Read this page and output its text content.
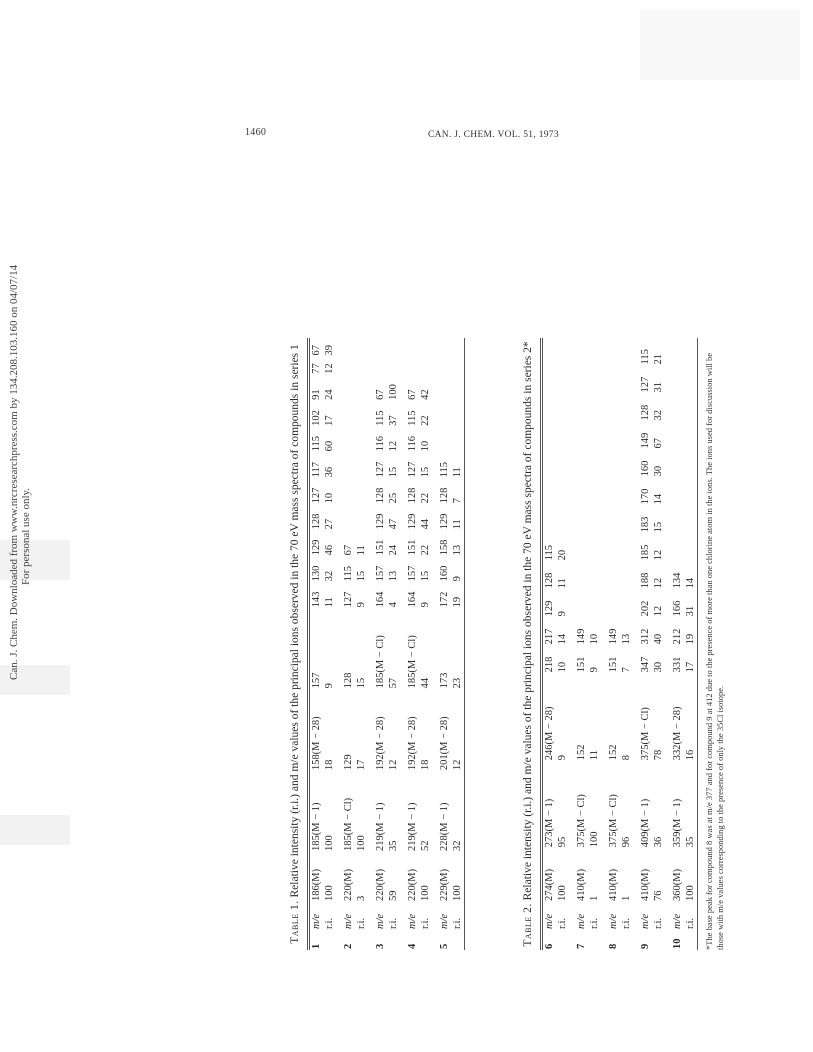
Can. J. Chem. Downloaded from www.nrcresearchpress.com by 134.208.103.160 on 04/07/14 For personal use only.
1460	CAN. J. CHEM. VOL. 51, 1973
Table 1. Relative intensity (r.i.) and m/e values of the principal ions observed in the 70 eV mass spectra of compounds in series 1
1	m/e	186(M)	185(M − 1)	158(M − 28)	157	143	130	129	128	127	117	115	102	91	77	67
	r.i.	100	100	18	9	11	32	46	27	10	36	60	17	24	12	39

2	m/e	220(M)	185(M − Cl)	129	128	127	115	67								
	r.i.	3	100	17	15	9	15	11								

3	m/e	220(M)	219(M − 1)	192(M − 28)	185(M − Cl)	164	157	151	129	128	127	116	115	67		
	r.i.	59	35	12	57	4	13	24	47	25	15	12	37	100		

4	m/e	220(M)	219(M − 1)	192(M − 28)	185(M − Cl)	164	157	151	129	128	127	116	115	67		
	r.i.	100	52	18	44	9	15	22	44	22	15	10	22	42		

5	m/e	229(M)	228(M − 1)	201(M − 28)	173	172	160	158	129	128	115					
	r.i.	100	32	12	23	19	9	13	11	7	11					
Table 2. Relative intensity (r.i.) and m/e values of the principal ions observed in the 70 eV mass spectra of compounds in series 2*
6	m/e	274(M)	273(M − 1)	246(M − 28)	218	217	129	128	115							
	r.i.	100	95	9	10	14	9	11	20							

7	m/e	410(M)	375(M − Cl)	152	151	149										
	r.i.	1	100	11	9	10										

8	m/e	410(M)	375(M − Cl)	152	151	149										
	r.i.	1	96	8	7	13										

9	m/e	410(M)	409(M − 1)	375(M − Cl)	347	312	202	188	185	183	170	160	149	128	127	115
	r.i.	76	36	78	30	40	12	12	12	15	14	30	67	32	31	21

10	m/e	360(M)	359(M − 1)	332(M − 28)	331	212	166	134								
	r.i.	100	35	16	17	19	31	14								*The base peak for compound 8 was at m/e 377 and for compound 9 at 412 due to the presence of more than one chlorine atom in the ions. The ions used for discussion will be those with m/e values corresponding to the presence of only the 35Cl isotope.
